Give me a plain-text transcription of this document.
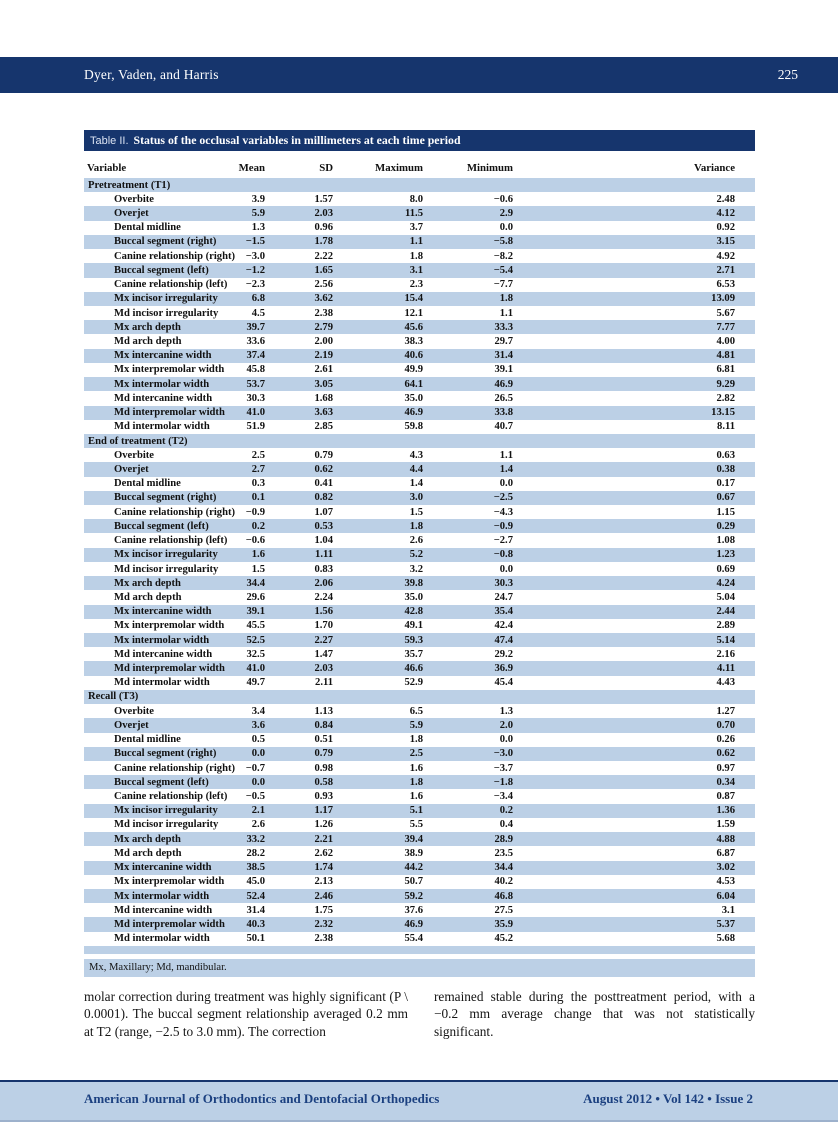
Dyer, Vaden, and Harris	225
Table II. Status of the occlusal variables in millimeters at each time period
Variable	Mean	SD	Maximum	Minimum	Variance
Pretreatment (T1)
Overbite	3.9	1.57	8.0	−0.6	2.48
Overjet	5.9	2.03	11.5	2.9	4.12
Dental midline	1.3	0.96	3.7	0.0	0.92
Buccal segment (right)	−1.5	1.78	1.1	−5.8	3.15
Canine relationship (right)	−3.0	2.22	1.8	−8.2	4.92
Buccal segment (left)	−1.2	1.65	3.1	−5.4	2.71
Canine relationship (left)	−2.3	2.56	2.3	−7.7	6.53
Mx incisor irregularity	6.8	3.62	15.4	1.8	13.09
Md incisor irregularity	4.5	2.38	12.1	1.1	5.67
Mx arch depth	39.7	2.79	45.6	33.3	7.77
Md arch depth	33.6	2.00	38.3	29.7	4.00
Mx intercanine width	37.4	2.19	40.6	31.4	4.81
Mx interpremolar width	45.8	2.61	49.9	39.1	6.81
Mx intermolar width	53.7	3.05	64.1	46.9	9.29
Md intercanine width	30.3	1.68	35.0	26.5	2.82
Md interpremolar width	41.0	3.63	46.9	33.8	13.15
Md intermolar width	51.9	2.85	59.8	40.7	8.11
End of treatment (T2)
Overbite	2.5	0.79	4.3	1.1	0.63
Overjet	2.7	0.62	4.4	1.4	0.38
Dental midline	0.3	0.41	1.4	0.0	0.17
Buccal segment (right)	0.1	0.82	3.0	−2.5	0.67
Canine relationship (right)	−0.9	1.07	1.5	−4.3	1.15
Buccal segment (left)	0.2	0.53	1.8	−0.9	0.29
Canine relationship (left)	−0.6	1.04	2.6	−2.7	1.08
Mx incisor irregularity	1.6	1.11	5.2	−0.8	1.23
Md incisor irregularity	1.5	0.83	3.2	0.0	0.69
Mx arch depth	34.4	2.06	39.8	30.3	4.24
Md arch depth	29.6	2.24	35.0	24.7	5.04
Mx intercanine width	39.1	1.56	42.8	35.4	2.44
Mx interpremolar width	45.5	1.70	49.1	42.4	2.89
Mx intermolar width	52.5	2.27	59.3	47.4	5.14
Md intercanine width	32.5	1.47	35.7	29.2	2.16
Md interpremolar width	41.0	2.03	46.6	36.9	4.11
Md intermolar width	49.7	2.11	52.9	45.4	4.43
Recall (T3)
Overbite	3.4	1.13	6.5	1.3	1.27
Overjet	3.6	0.84	5.9	2.0	0.70
Dental midline	0.5	0.51	1.8	0.0	0.26
Buccal segment (right)	0.0	0.79	2.5	−3.0	0.62
Canine relationship (right)	−0.7	0.98	1.6	−3.7	0.97
Buccal segment (left)	0.0	0.58	1.8	−1.8	0.34
Canine relationship (left)	−0.5	0.93	1.6	−3.4	0.87
Mx incisor irregularity	2.1	1.17	5.1	0.2	1.36
Md incisor irregularity	2.6	1.26	5.5	0.4	1.59
Mx arch depth	33.2	2.21	39.4	28.9	4.88
Md arch depth	28.2	2.62	38.9	23.5	6.87
Mx intercanine width	38.5	1.74	44.2	34.4	3.02
Mx interpremolar width	45.0	2.13	50.7	40.2	4.53
Mx intermolar width	52.4	2.46	59.2	46.8	6.04
Md intercanine width	31.4	1.75	37.6	27.5	3.1
Md interpremolar width	40.3	2.32	46.9	35.9	5.37
Md intermolar width	50.1	2.38	55.4	45.2	5.68
Mx, Maxillary; Md, mandibular.
molar correction during treatment was highly significant (P \ 0.0001). The buccal segment relationship averaged 0.2 mm at T2 (range, −2.5 to 3.0 mm). The correction
remained stable during the posttreatment period, with a −0.2 mm average change that was not statistically significant.
American Journal of Orthodontics and Dentofacial Orthopedics	August 2012 • Vol 142 • Issue 2
